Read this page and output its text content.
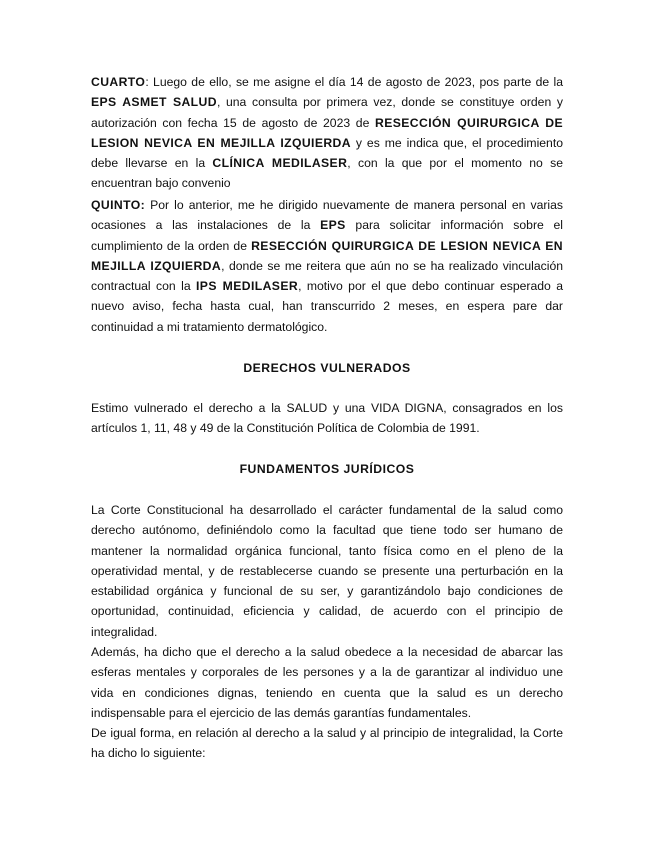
CUARTO: Luego de ello, se me asigne el día 14 de agosto de 2023, pos parte de la EPS ASMET SALUD, una consulta por primera vez, donde se constituye orden y autorización con fecha 15 de agosto de 2023 de RESECCIÓN QUIRURGICA DE LESION NEVICA EN MEJILLA IZQUIERDA y es me indica que, el procedimiento debe llevarse en la CLÍNICA MEDILASER, con la que por el momento no se encuentran bajo convenio
QUINTO: Por lo anterior, me he dirigido nuevamente de manera personal en varias ocasiones a las instalaciones de la EPS para solicitar información sobre el cumplimiento de la orden de RESECCIÓN QUIRURGICA DE LESION NEVICA EN MEJILLA IZQUIERDA, donde se me reitera que aún no se ha realizado vinculación contractual con la IPS MEDILASER, motivo por el que debo continuar esperado a nuevo aviso, fecha hasta cual, han transcurrido 2 meses, en espera pare dar continuidad a mi tratamiento dermatológico.
DERECHOS VULNERADOS
Estimo vulnerado el derecho a la SALUD y una VIDA DIGNA, consagrados en los artículos 1, 11, 48 y 49 de la Constitución Política de Colombia de 1991.
FUNDAMENTOS JURÍDICOS
La Corte Constitucional ha desarrollado el carácter fundamental de la salud como derecho autónomo, definiéndolo como la facultad que tiene todo ser humano de mantener la normalidad orgánica funcional, tanto física como en el pleno de la operatividad mental, y de restablecerse cuando se presente una perturbación en la estabilidad orgánica y funcional de su ser, y garantizándolo bajo condiciones de oportunidad, continuidad, eficiencia y calidad, de acuerdo con el principio de integralidad.
Además, ha dicho que el derecho a la salud obedece a la necesidad de abarcar las esferas mentales y corporales de les persones y a la de garantizar al individuo une vida en condiciones dignas, teniendo en cuenta que la salud es un derecho indispensable para el ejercicio de las demás garantías fundamentales.
De igual forma, en relación al derecho a la salud y al principio de integralidad, la Corte ha dicho lo siguiente:
